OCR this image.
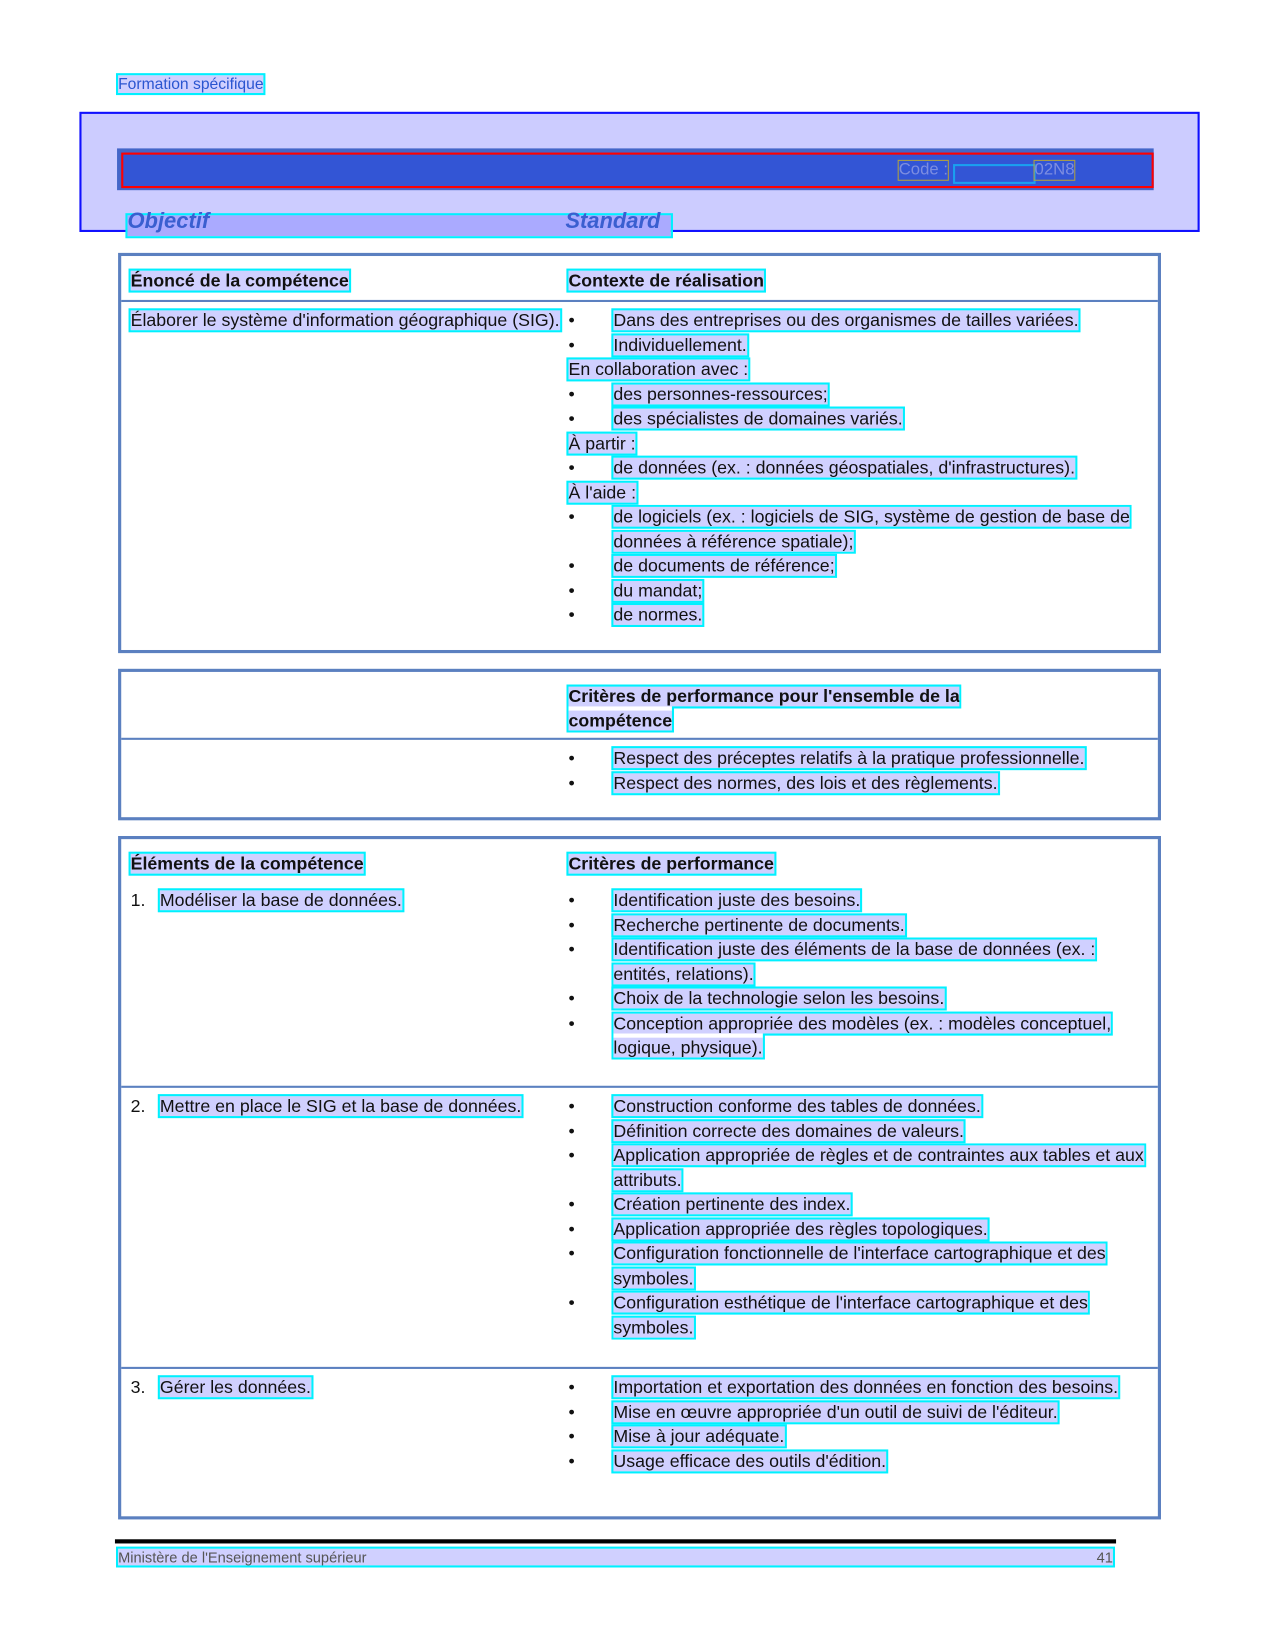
Formation spécifique
Code :	02N8
Objectif	Standard
Énoncé de la compétence	Contexte de réalisation
Élaborer le système d'information géographique (SIG). • Dans des entreprises ou des organismes de tailles variées.
• Individuellement.
En collaboration avec :
• des personnes-ressources;
• des spécialistes de domaines variés.
À partir :
• de données (ex. : données géospatiales, d'infrastructures).
À l'aide :
• de logiciels (ex. : logiciels de SIG, système de gestion de base de données à référence spatiale);
• de documents de référence;
• du mandat;
• de normes.
Critères de performance pour l'ensemble de la compétence
• Respect des préceptes relatifs à la pratique professionnelle.
• Respect des normes, des lois et des règlements.
Éléments de la compétence	Critères de performance
1. Modéliser la base de données.	• Identification juste des besoins.
• Recherche pertinente de documents.
• Identification juste des éléments de la base de données (ex. : entités, relations).
• Choix de la technologie selon les besoins.
• Conception appropriée des modèles (ex. : modèles conceptuel, logique, physique).
2. Mettre en place le SIG et la base de données.	• Construction conforme des tables de données.
• Définition correcte des domaines de valeurs.
• Application appropriée de règles et de contraintes aux tables et aux attributs.
• Création pertinente des index.
• Application appropriée des règles topologiques.
• Configuration fonctionnelle de l'interface cartographique et des symboles.
• Configuration esthétique de l'interface cartographique et des symboles.
3. Gérer les données.	• Importation et exportation des données en fonction des besoins.
• Mise en œuvre appropriée d'un outil de suivi de l'éditeur.
• Mise à jour adéquate.
• Usage efficace des outils d'édition.
Ministère de l'Enseignement supérieur	41
